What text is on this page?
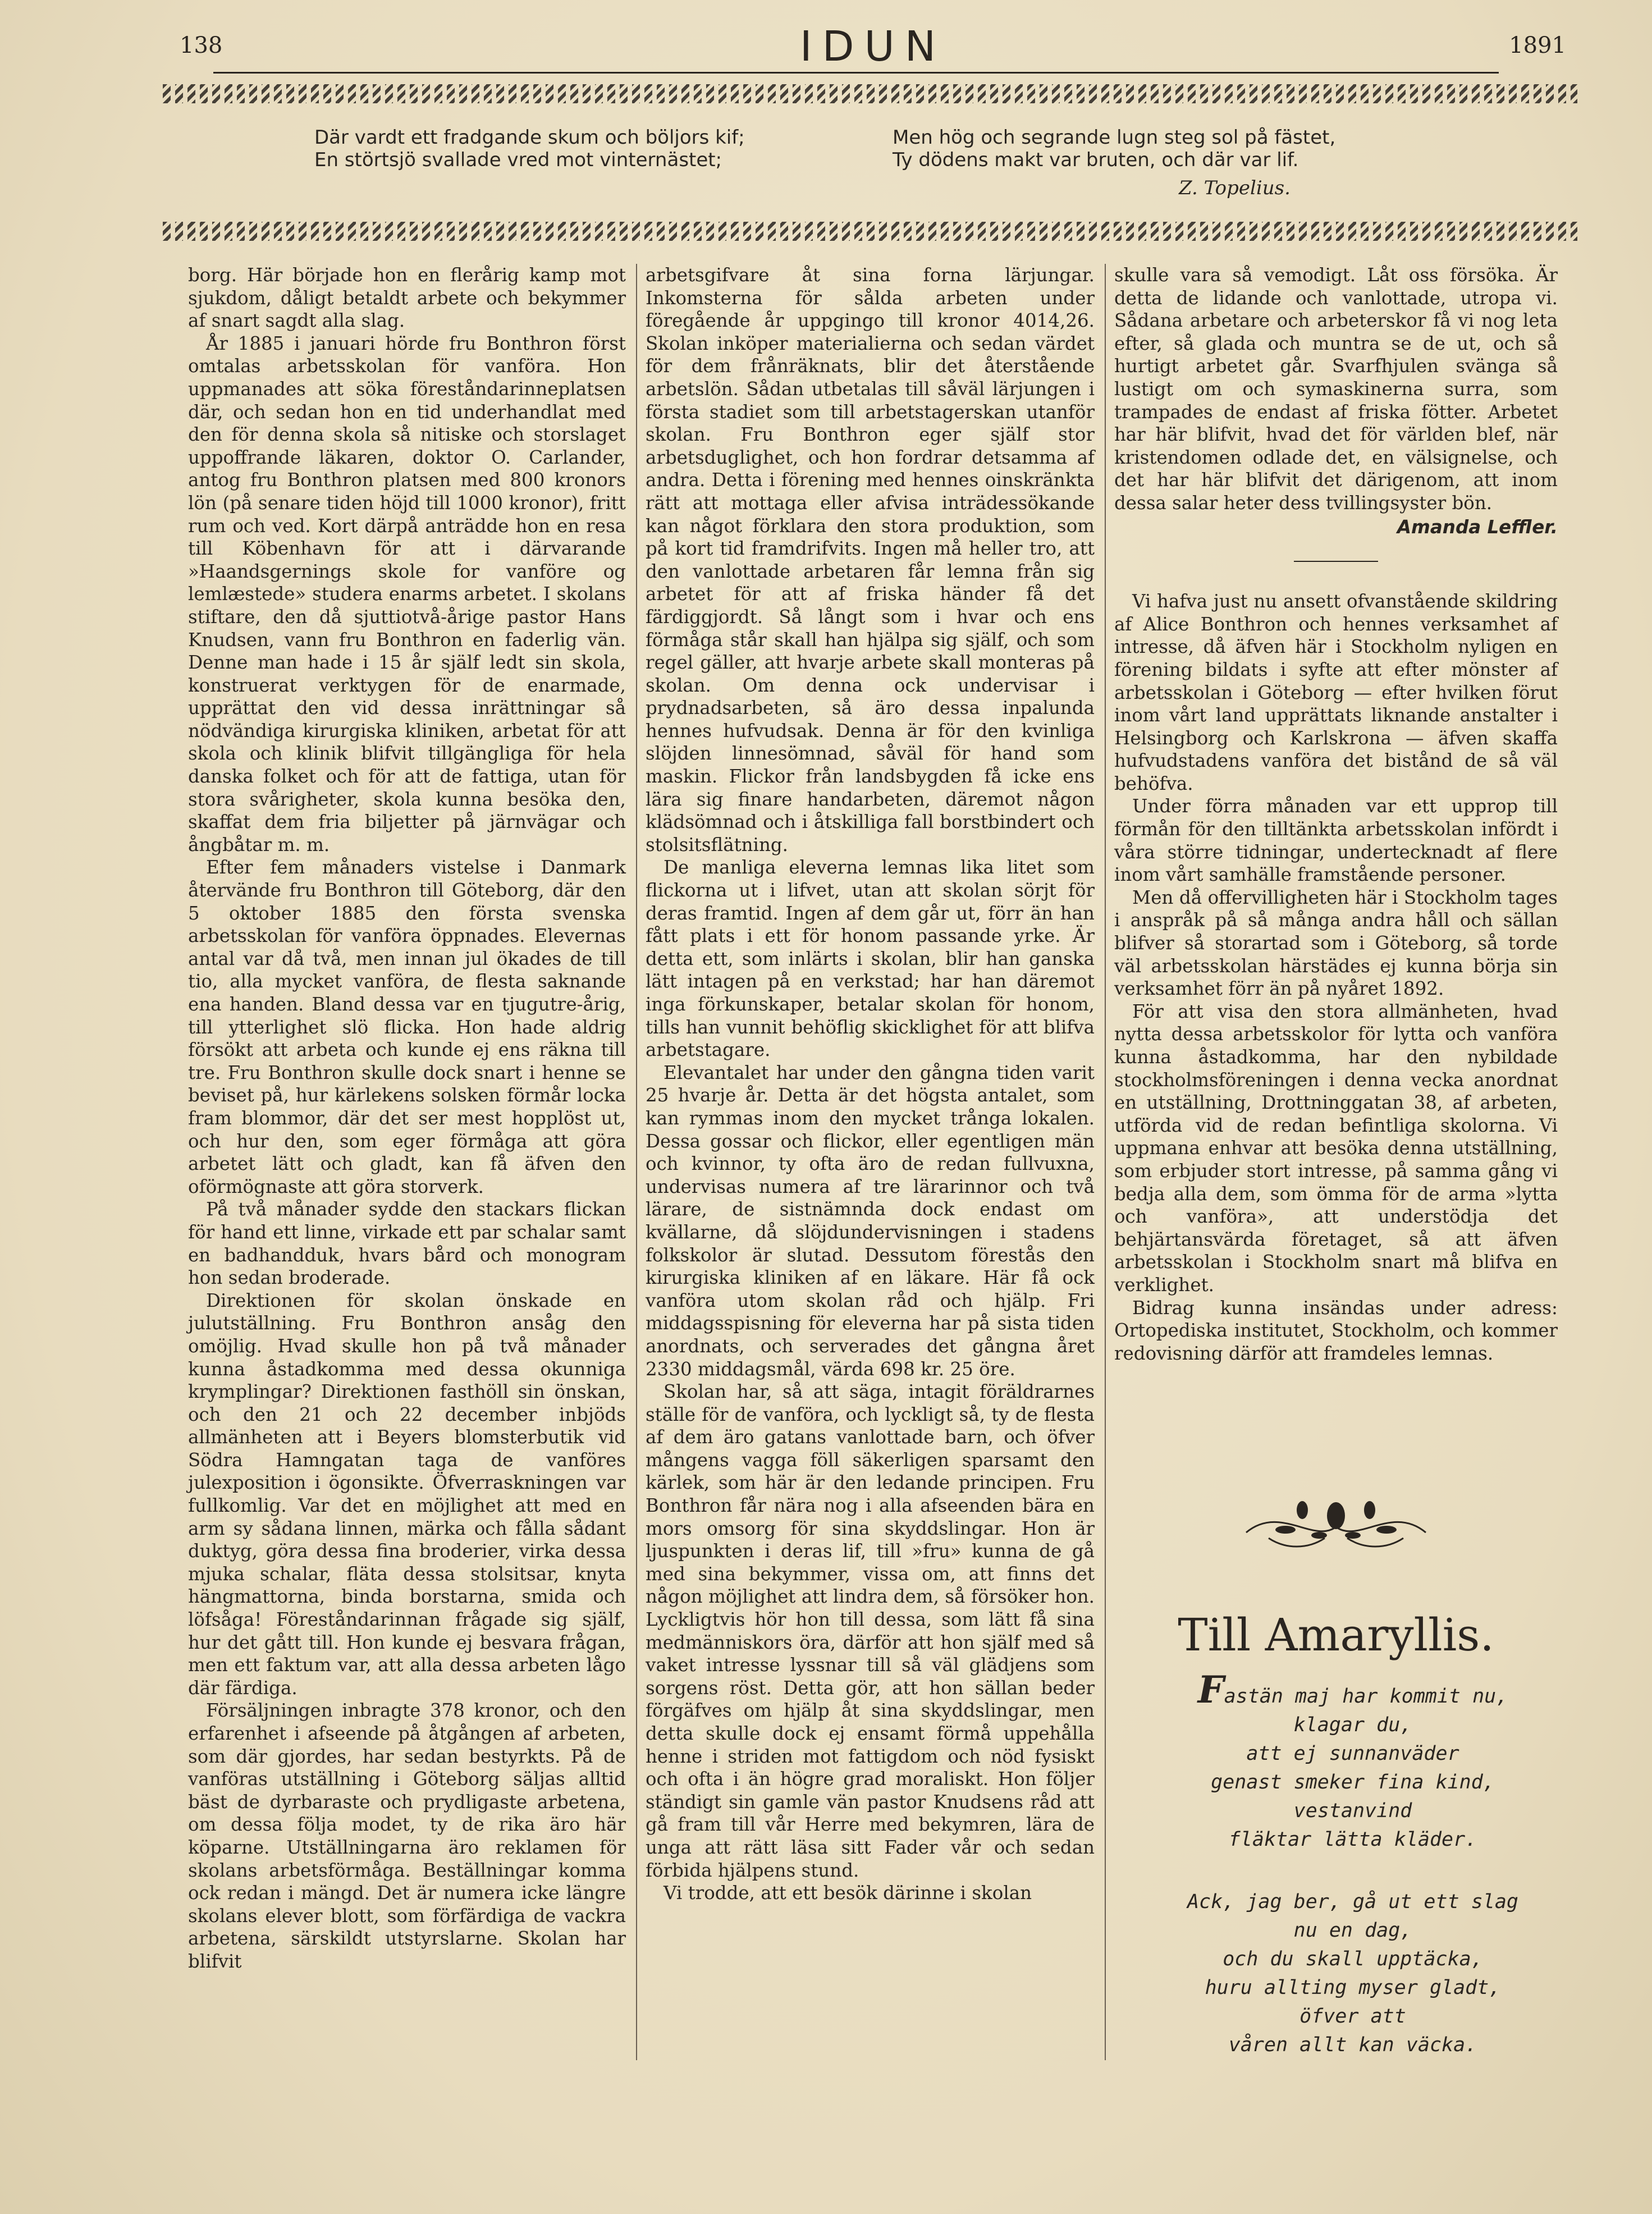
138	IDUN	1891
Där vardt ett fradgande skum och böljors kif;
En störtsjö svallade vred mot vinternästet;
Men hög och segrande lugn steg sol på fästet,
Ty dödens makt var bruten, och där var lif.
Z. Topelius.

borg. Här började hon en flerårig kamp mot sjukdom, dåligt betaldt arbete och bekymmer af snart sagdt alla slag.

År 1885 i januari hörde fru Bonthron först omtalas arbetsskolan för vanföra. Hon uppmanades att söka föreståndarinneplatsen där, och sedan hon en tid underhandlat med den för denna skola så nitiske och storslaget uppoffrande läkaren, doktor O. Carlander, antog fru Bonthron platsen med 800 kronors lön (på senare tiden höjd till 1000 kronor), fritt rum och ved. Kort därpå anträdde hon en resa till Köbenhavn för att i därvarande »Haandsgernings skole for vanföre og lemlæstede» studera enarms arbetet. I skolans stiftare, den då sjuttiotvå-årige pastor Hans Knudsen, vann fru Bonthron en faderlig vän. Denne man hade i 15 år själf ledt sin skola, konstruerat verktygen för de enarmade, upprättat den vid dessa inrättningar så nödvändiga kirurgiska kliniken, arbetat för att skola och klinik blifvit tillgängliga för hela danska folket och för att de fattiga, utan för stora svårigheter, skola kunna besöka den, skaffat dem fria biljetter på järnvägar och ångbåtar m. m.

Efter fem månaders vistelse i Danmark återvände fru Bonthron till Göteborg, där den 5 oktober 1885 den första svenska arbetsskolan för vanföra öppnades. Elevernas antal var då två, men innan jul ökades de till tio, alla mycket vanföra, de flesta saknande ena handen. Bland dessa var en tjugutre-årig, till ytterlighet slö flicka. Hon hade aldrig försökt att arbeta och kunde ej ens räkna till tre. Fru Bonthron skulle dock snart i henne se beviset på, hur kärlekens solsken förmår locka fram blommor, där det ser mest hopplöst ut, och hur den, som eger förmåga att göra arbetet lätt och gladt, kan få äfven den oförmögnaste att göra storverk.

På två månader sydde den stackars flickan för hand ett linne, virkade ett par schalar samt en badhandduk, hvars bård och monogram hon sedan broderade.

Direktionen för skolan önskade en julutställning. Fru Bonthron ansåg den omöjlig. Hvad skulle hon på två månader kunna åstadkomma med dessa okunniga krymplingar? Direktionen fasthöll sin önskan, och den 21 och 22 december inbjöds allmänheten att i Beyers blomsterbutik vid Södra Hamngatan taga de vanföres julexposition i ögonsikte. Öfverraskningen var fullkomlig. Var det en möjlighet att med en arm sy sådana linnen, märka och fålla sådant duktyg, göra dessa fina broderier, virka dessa mjuka schalar, fläta dessa stolsitsar, knyta hängmattorna, binda borstarna, smida och löfsåga! Föreståndarinnan frågade sig själf, hur det gått till. Hon kunde ej besvara frågan, men ett faktum var, att alla dessa arbeten lågo där färdiga.

Försäljningen inbragte 378 kronor, och den erfarenhet i afseende på åtgången af arbeten, som där gjordes, har sedan bestyrkts. På de vanföras utställning i Göteborg säljas alltid bäst de dyrbaraste och prydligaste arbetena, om dessa följa modet, ty de rika äro här köparne. Utställningarna äro reklamen för skolans arbetsförmåga. Beställningar komma ock redan i mängd. Det är numera icke längre skolans elever blott, som förfärdiga de vackra arbetena, särskildt utstyrslarne. Skolan har blifvit

arbetsgifvare åt sina forna lärjungar. Inkomsterna för sålda arbeten under föregående år uppgingo till kronor 4014,26. Skolan inköper materialierna och sedan värdet för dem frånräknats, blir det återstående arbetslön. Sådan utbetalas till såväl lärjungen i första stadiet som till arbetstagerskan utanför skolan. Fru Bonthron eger själf stor arbetsduglighet, och hon fordrar detsamma af andra. Detta i förening med hennes oinskränkta rätt att mottaga eller afvisa inträdessökande kan något förklara den stora produktion, som på kort tid framdrifvits. Ingen må heller tro, att den vanlottade arbetaren får lemna från sig arbetet för att af friska händer få det färdiggjordt. Så långt som i hvar och ens förmåga står skall han hjälpa sig själf, och som regel gäller, att hvarje arbete skall monteras på skolan. Om denna ock undervisar i prydnadsarbeten, så äro dessa inpalunda hennes hufvudsak. Denna är för den kvinliga slöjden linnesömnad, såväl för hand som maskin. Flickor från landsbygden få icke ens lära sig finare handarbeten, däremot någon klädsömnad och i åtskilliga fall borstbindert och stolsitsflätning.

De manliga eleverna lemnas lika litet som flickorna ut i lifvet, utan att skolan sörjt för deras framtid. Ingen af dem går ut, förr än han fått plats i ett för honom passande yrke. Är detta ett, som inlärts i skolan, blir han ganska lätt intagen på en verkstad; har han däremot inga förkunskaper, betalar skolan för honom, tills han vunnit behöflig skicklighet för att blifva arbetstagare.

Elevantalet har under den gångna tiden varit 25 hvarje år. Detta är det högsta antalet, som kan rymmas inom den mycket trånga lokalen. Dessa gossar och flickor, eller egentligen män och kvinnor, ty ofta äro de redan fullvuxna, undervisas numera af tre lärarinnor och två lärare, de sistnämnda dock endast om kvällarne, då slöjdundervisningen i stadens folkskolor är slutad. Dessutom förestås den kirurgiska kliniken af en läkare. Här få ock vanföra utom skolan råd och hjälp. Fri middagsspisning för eleverna har på sista tiden anordnats, och serverades det gångna året 2330 middagsmål, värda 698 kr. 25 öre.

Skolan har, så att säga, intagit föräldrarnes ställe för de vanföra, och lyckligt så, ty de flesta af dem äro gatans vanlottade barn, och öfver mångens vagga föll säkerligen sparsamt den kärlek, som här är den ledande principen. Fru Bonthron får nära nog i alla afseenden bära en mors omsorg för sina skyddslingar. Hon är ljuspunkten i deras lif, till »fru» kunna de gå med sina bekymmer, vissa om, att finns det någon möjlighet att lindra dem, så försöker hon. Lyckligtvis hör hon till dessa, som lätt få sina medmänniskors öra, därför att hon själf med så vaket intresse lyssnar till så väl glädjens som sorgens röst. Detta gör, att hon sällan beder förgäfves om hjälp åt sina skyddslingar, men detta skulle dock ej ensamt förmå uppehålla henne i striden mot fattigdom och nöd fysiskt och ofta i än högre grad moraliskt. Hon följer ständigt sin gamle vän pastor Knudsens råd att gå fram till vår Herre med bekymren, lära de unga att rätt läsa sitt Fader vår och sedan förbida hjälpens stund.

Vi trodde, att ett besök därinne i skolan

skulle vara så vemodigt. Låt oss försöka. Är detta de lidande och vanlottade, utropa vi. Sådana arbetare och arbeterskor få vi nog leta efter, så glada och muntra se de ut, och så hurtigt arbetet går. Svarfhjulen svänga så lustigt om och symaskinerna surra, som trampades de endast af friska fötter. Arbetet har här blifvit, hvad det för världen blef, när kristendomen odlade det, en välsignelse, och det har här blifvit det därigenom, att inom dessa salar heter dess tvillingsyster bön.

Amanda Leffler.

Vi hafva just nu ansett ofvanstående skildring af Alice Bonthron och hennes verksamhet af intresse, då äfven här i Stockholm nyligen en förening bildats i syfte att efter mönster af arbetsskolan i Göteborg — efter hvilken förut inom vårt land upprättats liknande anstalter i Helsingborg och Karlskrona — äfven skaffa hufvudstadens vanföra det bistånd de så väl behöfva.

Under förra månaden var ett upprop till förmån för den tilltänkta arbetsskolan infördt i våra större tidningar, undertecknadt af flere inom vårt samhälle framstående personer.

Men då offervilligheten här i Stockholm tages i anspråk på så många andra håll och sällan blifver så storartad som i Göteborg, så torde väl arbetsskolan härstädes ej kunna börja sin verksamhet förr än på nyåret 1892.

För att visa den stora allmänheten, hvad nytta dessa arbetsskolor för lytta och vanföra kunna åstadkomma, har den nybildade stockholmsföreningen i denna vecka anordnat en utställning, Drottninggatan 38, af arbeten, utförda vid de redan befintliga skolorna. Vi uppmana enhvar att besöka denna utställning, som erbjuder stort intresse, på samma gång vi bedja alla dem, som ömma för de arma »lytta och vanföra», att understödja det behjärtansvärda företaget, så att äfven arbetsskolan i Stockholm snart må blifva en verklighet.

Bidrag kunna insändas under adress: Ortopediska institutet, Stockholm, och kommer redovisning därför att framdeles lemnas.

Till Amaryllis.
Fastän maj har kommit nu,
klagar du,
att ej sunnanväder
genast smeker fina kind,
vestanvind
fläktar lätta kläder.
Ack, jag ber, gå ut ett slag
nu en dag,
och du skall upptäcka,
huru allting myser gladt,
öfver att
våren allt kan väcka.
